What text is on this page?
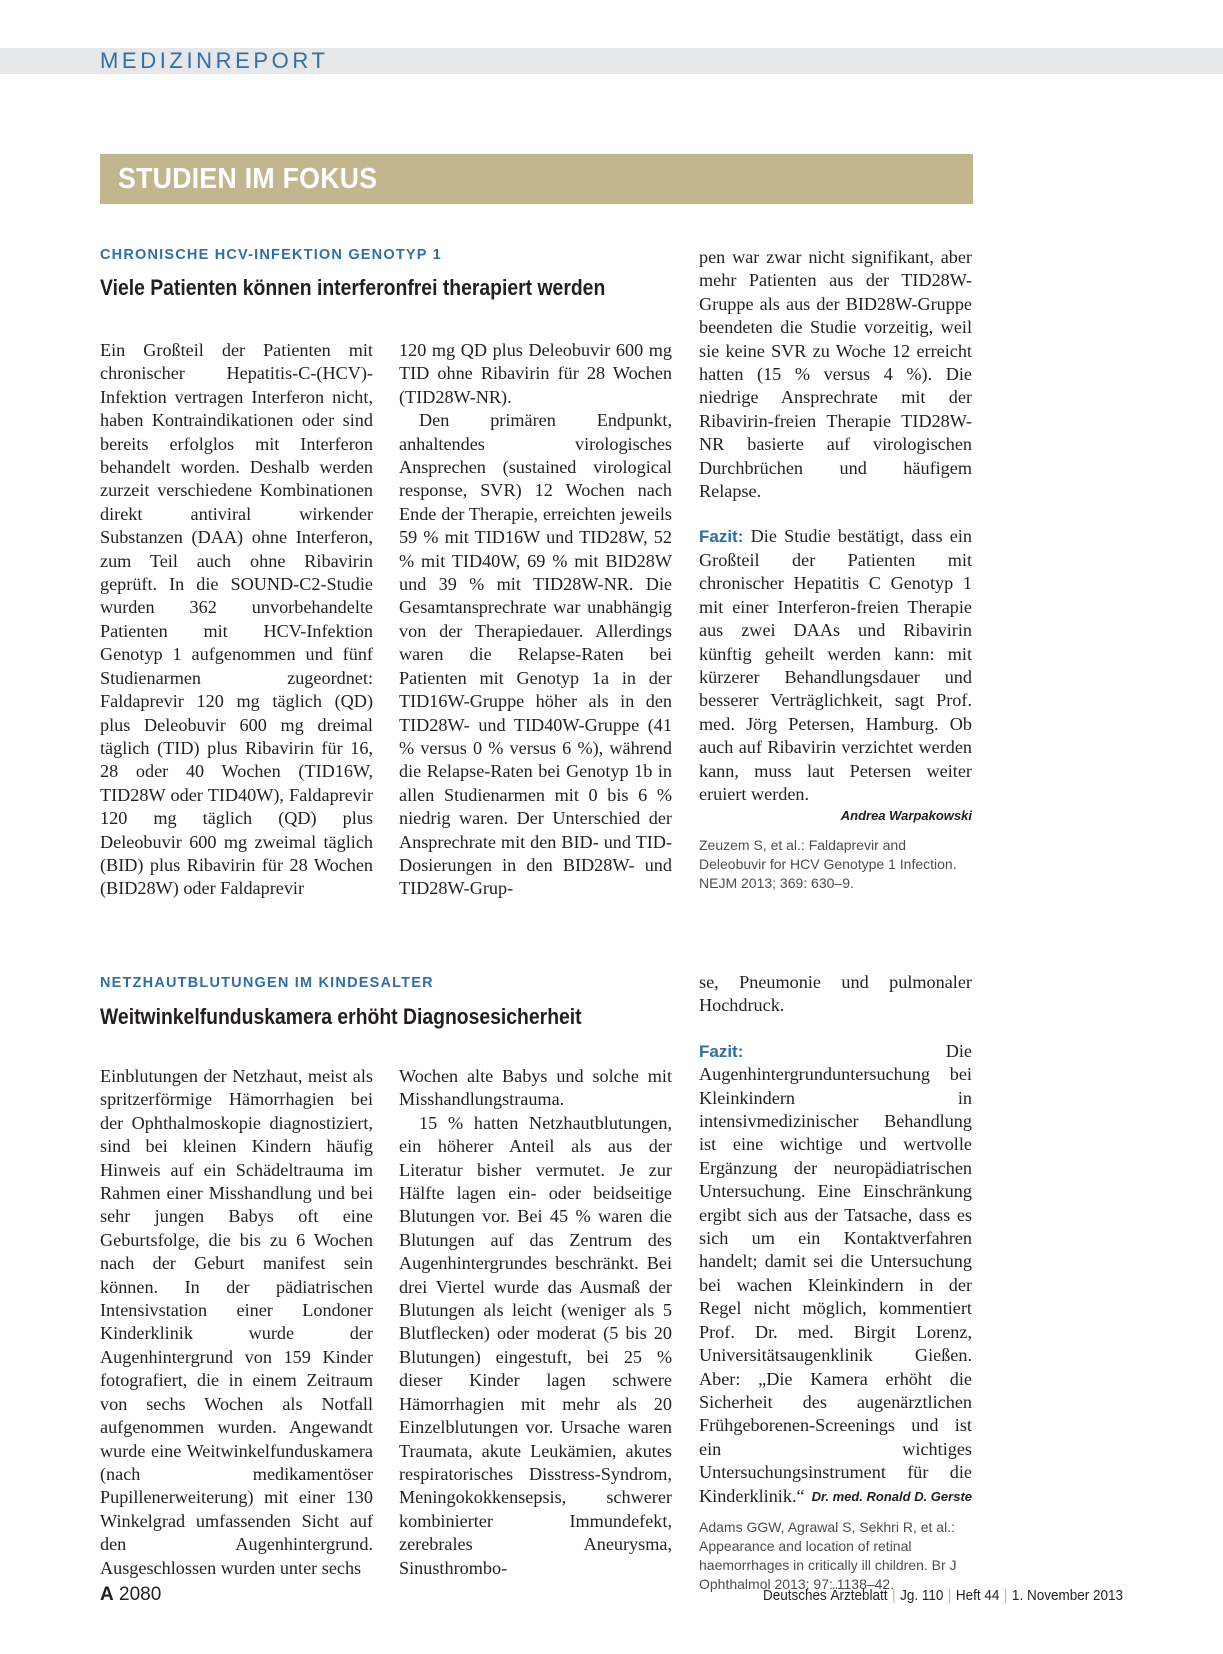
MEDIZINREPORT
STUDIEN IM FOKUS
CHRONISCHE HCV-INFEKTION GENOTYP 1
Viele Patienten können interferonfrei therapiert werden

Ein Großteil der Patienten mit chronischer Hepatitis-C-(HCV)-Infektion vertragen Interferon nicht, haben Kontraindikationen oder sind bereits erfolglos mit Interferon behandelt worden. Deshalb werden zurzeit verschiedene Kombinationen direkt antiviral wirkender Substanzen (DAA) ohne Interferon, zum Teil auch ohne Ribavirin geprüft. In die SOUND-C2-Studie wurden 362 unvorbehandelte Patienten mit HCV-Infektion Genotyp 1 aufgenommen und fünf Studienarmen zugeordnet: Faldaprevir 120 mg täglich (QD) plus Deleobuvir 600 mg dreimal täglich (TID) plus Ribavirin für 16, 28 oder 40 Wochen (TID16W, TID28W oder TID40W), Faldaprevir 120 mg täglich (QD) plus Deleobuvir 600 mg zweimal täglich (BID) plus Ribavirin für 28 Wochen (BID28W) oder Faldaprevir

120 mg QD plus Deleobuvir 600 mg TID ohne Ribavirin für 28 Wochen (TID28W-NR).

Den primären Endpunkt, anhaltendes virologisches Ansprechen (sustained virological response, SVR) 12 Wochen nach Ende der Therapie, erreichten jeweils 59 % mit TID16W und TID28W, 52 % mit TID40W, 69 % mit BID28W und 39 % mit TID28W-NR. Die Gesamtansprechrate war unabhängig von der Therapiedauer. Allerdings waren die Relapse-Raten bei Patienten mit Genotyp 1a in der TID16W-Gruppe höher als in den TID28W- und TID40W-Gruppe (41 % versus 0 % versus 6 %), während die Relapse-Raten bei Genotyp 1b in allen Studienarmen mit 0 bis 6 % niedrig waren. Der Unterschied der Ansprechrate mit den BID- und TID-Dosierungen in den BID28W- und TID28W-Grup-

pen war zwar nicht signifikant, aber mehr Patienten aus der TID28W-Gruppe als aus der BID28W-Gruppe beendeten die Studie vorzeitig, weil sie keine SVR zu Woche 12 erreicht hatten (15 % versus 4 %). Die niedrige Ansprechrate mit der Ribavirin-freien Therapie TID28W-NR basierte auf virologischen Durchbrüchen und häufigem Relapse.

Fazit: Die Studie bestätigt, dass ein Großteil der Patienten mit chronischer Hepatitis C Genotyp 1 mit einer Interferon-freien Therapie aus zwei DAAs und Ribavirin künftig geheilt werden kann: mit kürzerer Behandlungsdauer und besserer Verträglichkeit, sagt Prof. med. Jörg Petersen, Hamburg. Ob auch auf Ribavirin verzichtet werden kann, muss laut Petersen weiter eruiert werden.

Andrea Warpakowski
Zeuzem S, et al.: Faldaprevir and Deleobuvir for HCV Genotype 1 Infection. NEJM 2013; 369: 630–9.
NETZHAUTBLUTUNGEN IM KINDESALTER
Weitwinkelfunduskamera erhöht Diagnosesicherheit

Einblutungen der Netzhaut, meist als spritzerförmige Hämorrhagien bei der Ophthalmoskopie diagnostiziert, sind bei kleinen Kindern häufig Hinweis auf ein Schädeltrauma im Rahmen einer Misshandlung und bei sehr jungen Babys oft eine Geburtsfolge, die bis zu 6 Wochen nach der Geburt manifest sein können. In der pädiatrischen Intensivstation einer Londoner Kinderklinik wurde der Augenhintergrund von 159 Kinder fotografiert, die in einem Zeitraum von sechs Wochen als Notfall aufgenommen wurden. Angewandt wurde eine Weitwinkelfunduskamera (nach medikamentöser Pupillenerweiterung) mit einer 130 Winkelgrad umfassenden Sicht auf den Augenhintergrund. Ausgeschlossen wurden unter sechs

Wochen alte Babys und solche mit Misshandlungstrauma.

15 % hatten Netzhautblutungen, ein höherer Anteil als aus der Literatur bisher vermutet. Je zur Hälfte lagen ein- oder beidseitige Blutungen vor. Bei 45 % waren die Blutungen auf das Zentrum des Augenhintergrundes beschränkt. Bei drei Viertel wurde das Ausmaß der Blutungen als leicht (weniger als 5 Blutflecken) oder moderat (5 bis 20 Blutungen) eingestuft, bei 25 % dieser Kinder lagen schwere Hämorrhagien mit mehr als 20 Einzelblutungen vor. Ursache waren Traumata, akute Leukämien, akutes respiratorisches Disstress-Syndrom, Meningokokkensepsis, schwerer kombinierter Immundefekt, zerebrales Aneurysma, Sinusthrombo-

se, Pneumonie und pulmonaler Hochdruck.

Fazit:	Die Augenhintergrunduntersuchung bei Kleinkindern in intensivmedizinischer Behandlung ist eine wichtige und wertvolle Ergänzung der neuropädiatrischen Untersuchung. Eine Einschränkung ergibt sich aus der Tatsache, dass es sich um ein Kontaktverfahren handelt; damit sei die Untersuchung bei wachen Kleinkindern in der Regel nicht möglich, kommentiert Prof. Dr. med. Birgit Lorenz, Universitätsaugenklinik Gießen. Aber: „Die Kamera erhöht die Sicherheit des augenärztlichen Frühgeborenen-Screenings und ist ein wichtiges Untersuchungsinstrument für die Kinderklinik.“ Dr. med. Ronald D. Gerste

Adams GGW, Agrawal S, Sekhri R, et al.: Appearance and location of retinal haemorrhages in critically ill children. Br J Ophthalmol 2013; 97: 1138–42.
A 2080	Deutsches Ärzteblatt | Jg. 110 | Heft 44 | 1. November 2013
